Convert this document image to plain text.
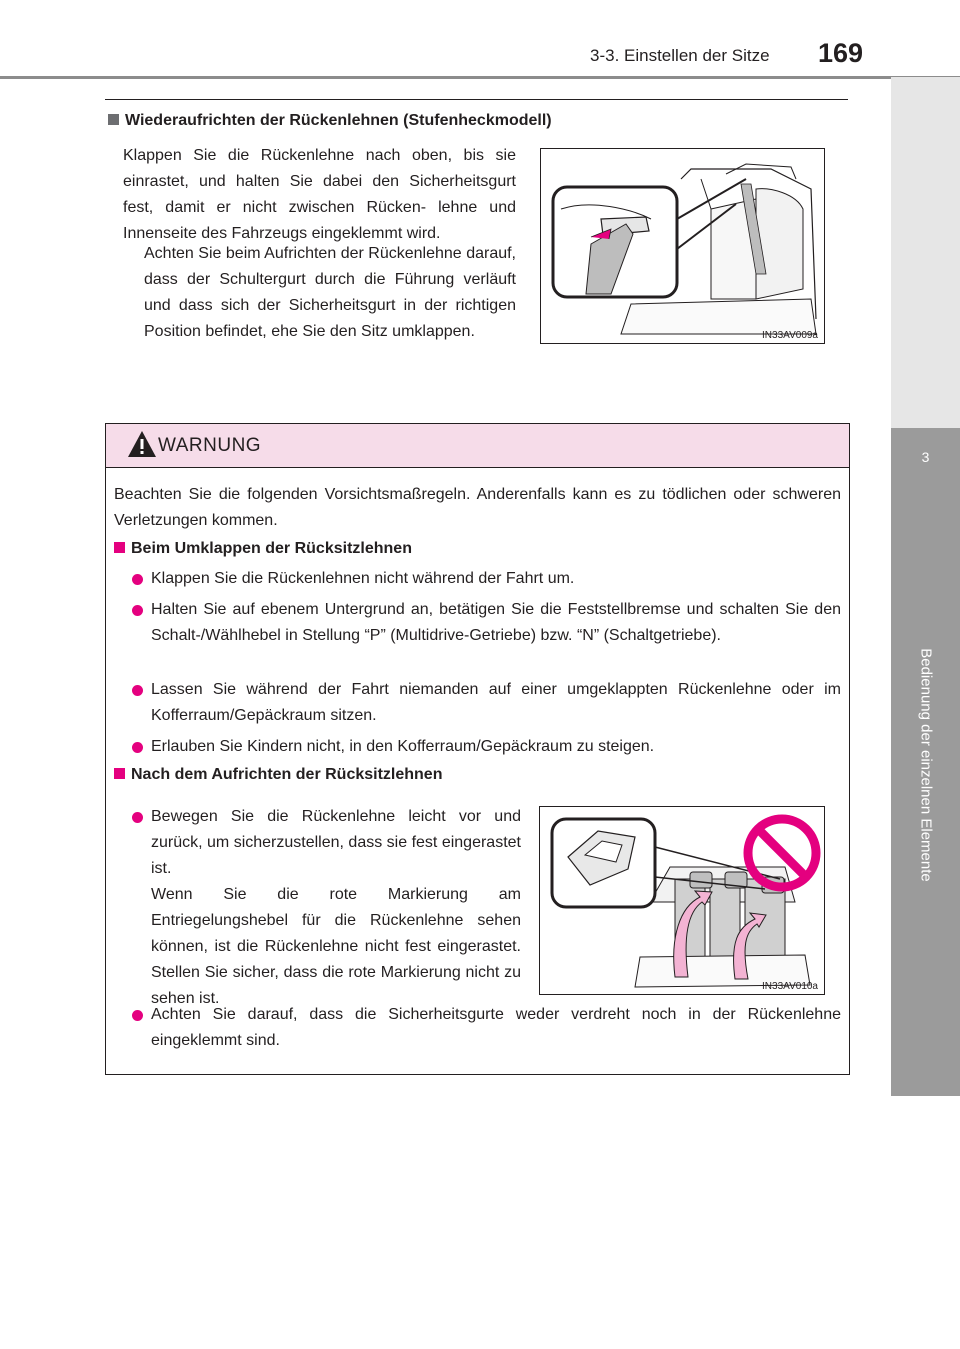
3-3. Einstellen der Sitze 169
3
Bedienung der einzelnen Elemente
Wiederaufrichten der Rückenlehnen (Stufenheckmodell)
Klappen Sie die Rückenlehne nach oben, bis sie einrastet, und halten Sie dabei den Sicherheitsgurt fest, damit er nicht zwischen Rücken- lehne und Innenseite des Fahrzeugs eingeklemmt wird.
Achten Sie beim Aufrichten der Rückenlehne darauf, dass der Schultergurt durch die Führung verläuft und dass sich der Sicherheitsgurt in der richtigen Position befindet, ehe Sie den Sitz umklappen.	IN33AV009a
WARNUNG
Beachten Sie die folgenden Vorsichtsmaßregeln. Anderenfalls kann es zu tödlichen oder schweren Verletzungen kommen.
Beim Umklappen der Rücksitzlehnen
Klappen Sie die Rückenlehnen nicht während der Fahrt um.
Halten Sie auf ebenem Untergrund an, betätigen Sie die Feststellbremse und schalten Sie den Schalt-/Wählhebel in Stellung “P” (Multidrive-Getriebe) bzw. “N” (Schaltgetriebe).
Lassen Sie während der Fahrt niemanden auf einer umgeklappten Rückenlehne oder im Kofferraum/Gepäckraum sitzen.
Erlauben Sie Kindern nicht, in den Kofferraum/Gepäckraum zu steigen.
Nach dem Aufrichten der Rücksitzlehnen
Bewegen Sie die Rückenlehne leicht vor und zurück, um sicherzustellen, dass sie fest eingerastet ist.
Wenn Sie die rote Markierung am Entriegelungshebel für die Rückenlehne sehen können, ist die Rückenlehne nicht fest eingerastet. Stellen Sie sicher, dass die rote Markierung nicht zu sehen ist.
Achten Sie darauf, dass die Sicherheitsgurte weder verdreht noch in der Rückenlehne eingeklemmt sind.
IN33AV010a
